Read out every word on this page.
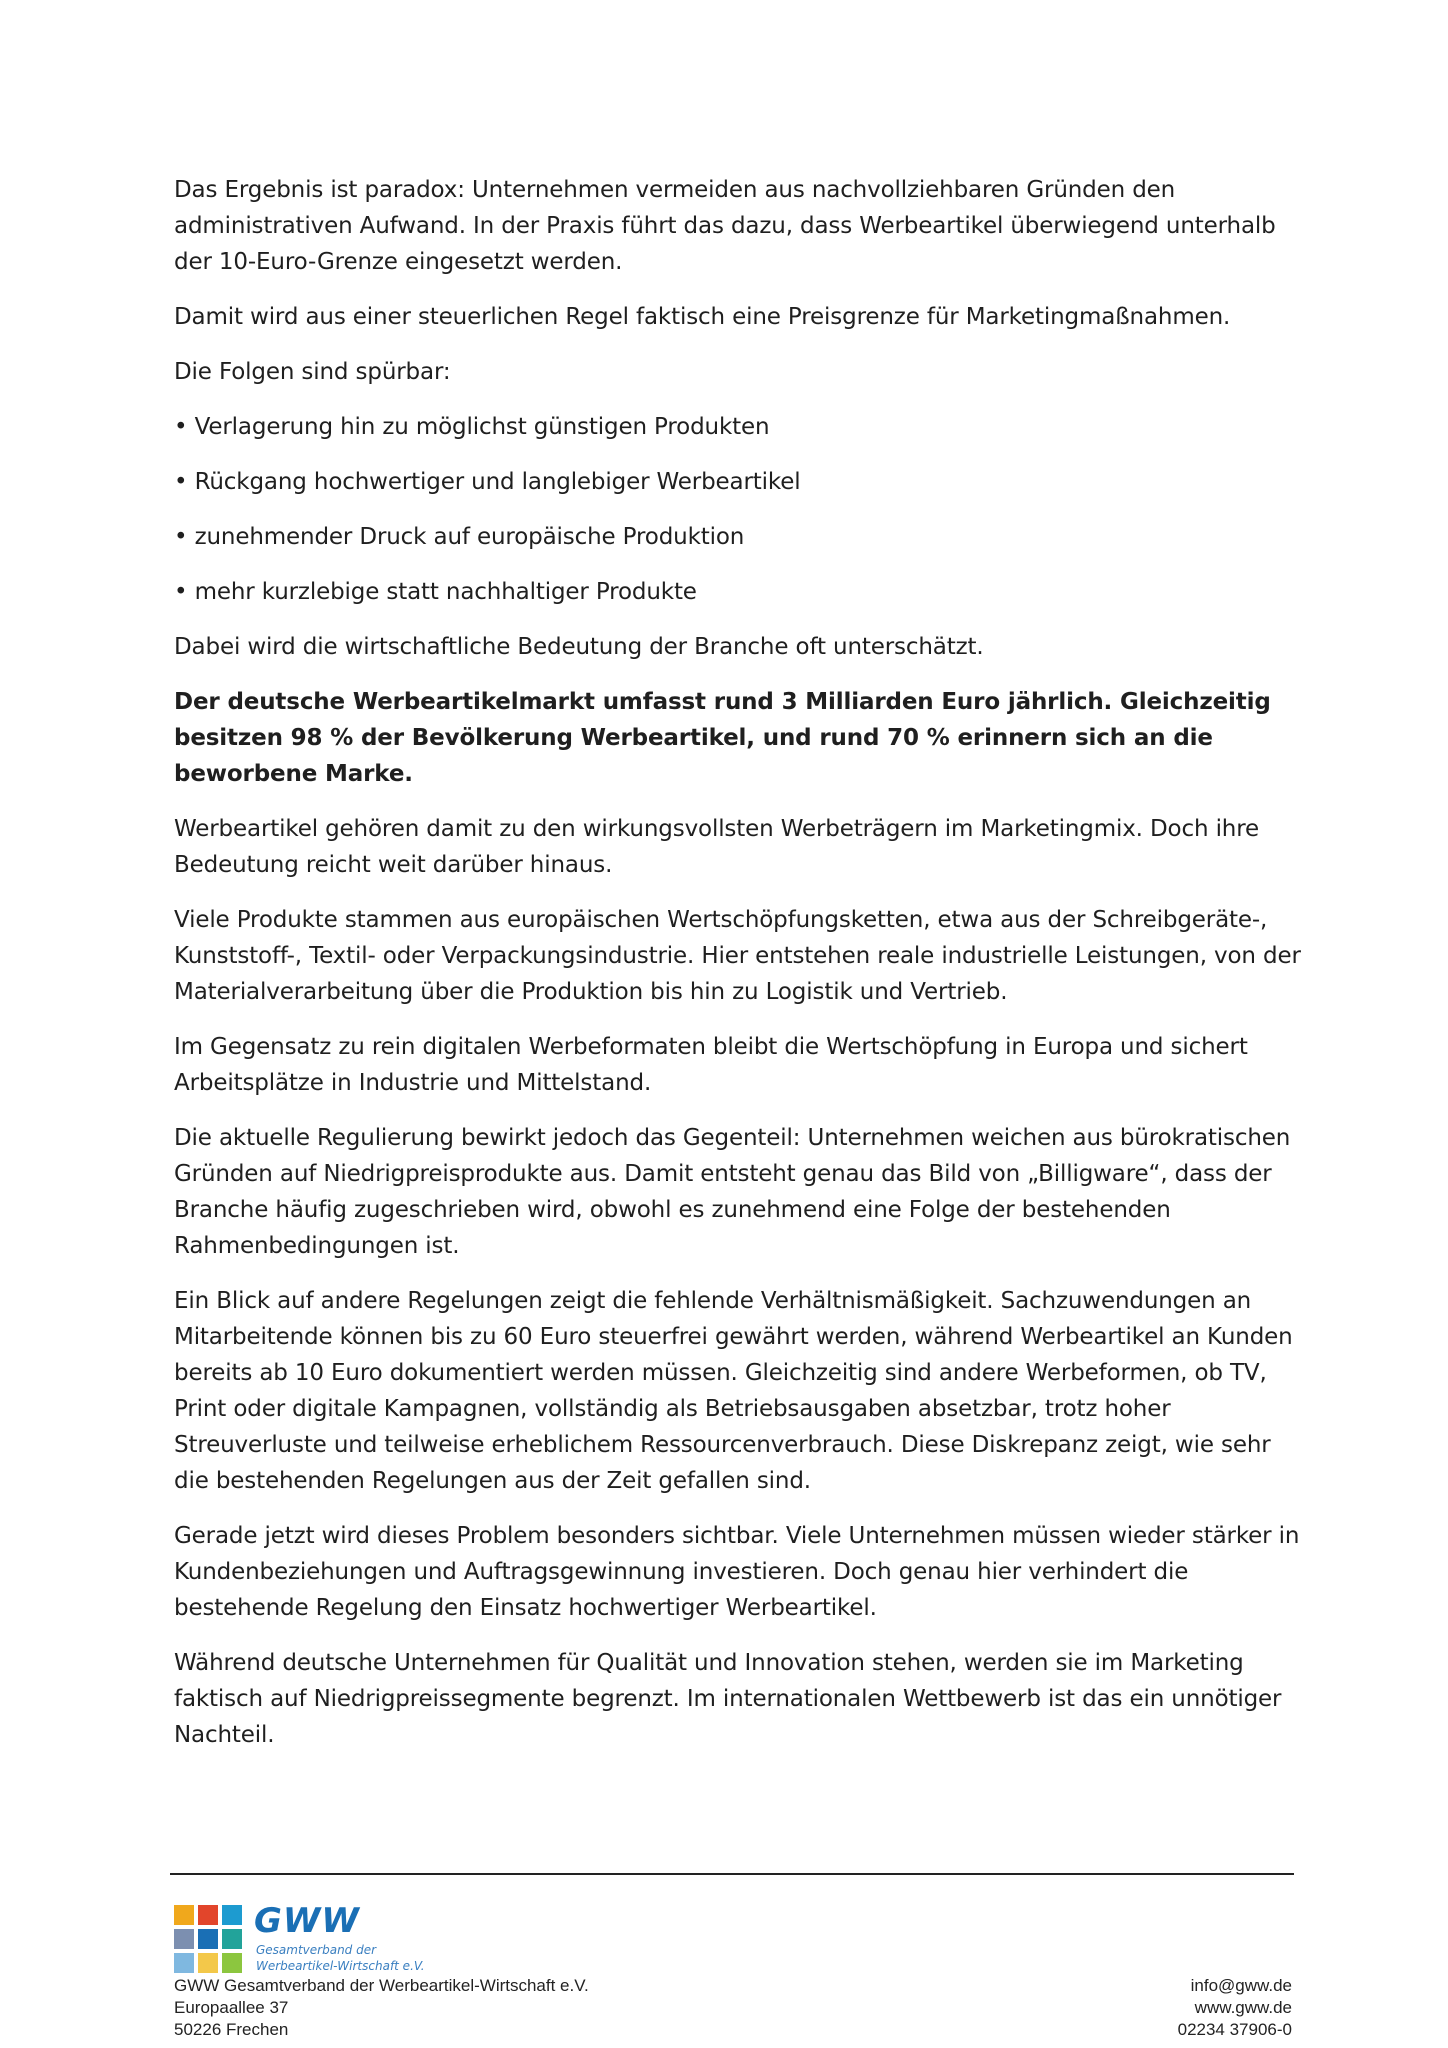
Das Ergebnis ist paradox: Unternehmen vermeiden aus nachvollziehbaren Gründen den administrativen Aufwand. In der Praxis führt das dazu, dass Werbeartikel überwiegend unterhalb der 10-Euro-Grenze eingesetzt werden.

Damit wird aus einer steuerlichen Regel faktisch eine Preisgrenze für Marketingmaßnahmen.

Die Folgen sind spürbar:

• Verlagerung hin zu möglichst günstigen Produkten

• Rückgang hochwertiger und langlebiger Werbeartikel

• zunehmender Druck auf europäische Produktion

• mehr kurzlebige statt nachhaltiger Produkte

Dabei wird die wirtschaftliche Bedeutung der Branche oft unterschätzt.

Der deutsche Werbeartikelmarkt umfasst rund 3 Milliarden Euro jährlich. Gleichzeitig besitzen 98 % der Bevölkerung Werbeartikel, und rund 70 % erinnern sich an die beworbene Marke.

Werbeartikel gehören damit zu den wirkungsvollsten Werbeträgern im Marketingmix. Doch ihre Bedeutung reicht weit darüber hinaus.

Viele Produkte stammen aus europäischen Wertschöpfungsketten, etwa aus der Schreibgeräte-, Kunststoff-, Textil- oder Verpackungsindustrie. Hier entstehen reale industrielle Leistungen, von der Materialverarbeitung über die Produktion bis hin zu Logistik und Vertrieb.

Im Gegensatz zu rein digitalen Werbeformaten bleibt die Wertschöpfung in Europa und sichert Arbeitsplätze in Industrie und Mittelstand.

Die aktuelle Regulierung bewirkt jedoch das Gegenteil: Unternehmen weichen aus bürokratischen Gründen auf Niedrigpreisprodukte aus. Damit entsteht genau das Bild von „Billigware“, dass der Branche häufig zugeschrieben wird, obwohl es zunehmend eine Folge der bestehenden Rahmenbedingungen ist.

Ein Blick auf andere Regelungen zeigt die fehlende Verhältnismäßigkeit. Sachzuwendungen an Mitarbeitende können bis zu 60 Euro steuerfrei gewährt werden, während Werbeartikel an Kunden bereits ab 10 Euro dokumentiert werden müssen. Gleichzeitig sind andere Werbeformen, ob TV, Print oder digitale Kampagnen, vollständig als Betriebsausgaben absetzbar, trotz hoher Streuverluste und teilweise erheblichem Ressourcenverbrauch. Diese Diskrepanz zeigt, wie sehr die bestehenden Regelungen aus der Zeit gefallen sind.

Gerade jetzt wird dieses Problem besonders sichtbar. Viele Unternehmen müssen wieder stärker in Kundenbeziehungen und Auftragsgewinnung investieren. Doch genau hier verhindert die bestehende Regelung den Einsatz hochwertiger Werbeartikel.

Während deutsche Unternehmen für Qualität und Innovation stehen, werden sie im Marketing faktisch auf Niedrigpreissegmente begrenzt. Im internationalen Wettbewerb ist das ein unnötiger Nachteil.

GWW
Gesamtverband der
Werbeartikel-Wirtschaft e.V.
GWW Gesamtverband der Werbeartikel-Wirtschaft e.V.
Europaallee 37
50226 Frechen
info@gww.de
www.gww.de
02234 37906-0
